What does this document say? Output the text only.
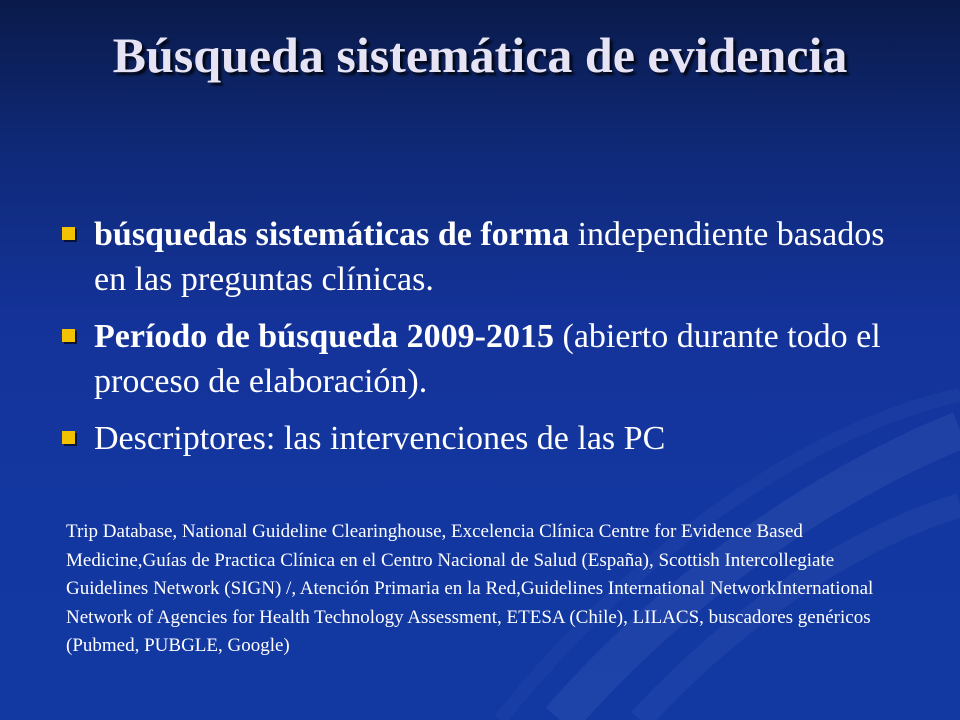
Búsqueda sistemática de evidencia
búsquedas sistemáticas de forma independiente basados en las preguntas clínicas.
Período de búsqueda 2009-2015 (abierto durante todo el proceso de elaboración).
Descriptores: las intervenciones de las PC
Trip Database, National Guideline Clearinghouse, Excelencia Clínica Centre for Evidence Based Medicine,Guías de Practica Clínica en el Centro Nacional de Salud (España), Scottish Intercollegiate Guidelines Network (SIGN) /, Atención Primaria en la Red,Guidelines International NetworkInternational Network of Agencies for Health Technology Assessment, ETESA (Chile), LILACS, buscadores genéricos (Pubmed, PUBGLE, Google)
